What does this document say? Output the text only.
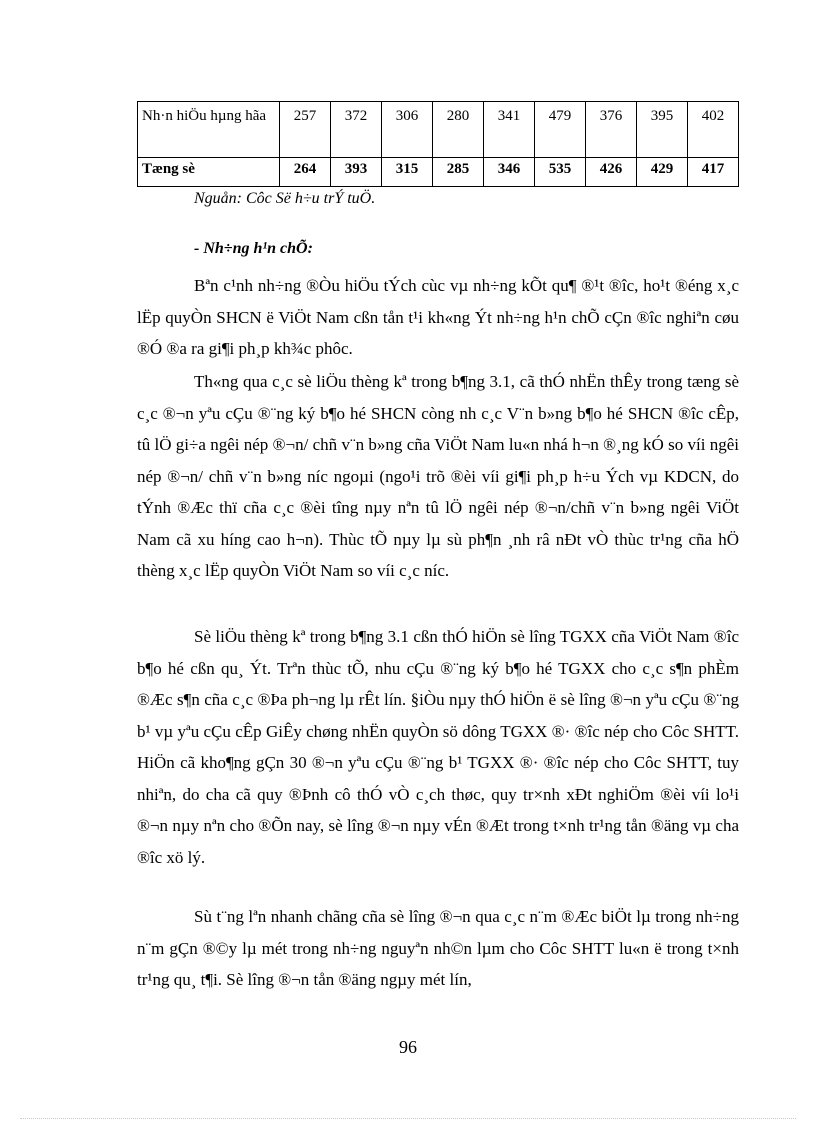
Nh·n hiÖu hµng hãa	257	372	306	280	341	479	376	395	402
Tæng sè	264	393	315	285	346	535	426	429	417
Nguån: Côc Së h÷u trÝ tuÖ.
- Nh÷ng h¹n chÕ:

Bªn c¹nh nh÷ng ®Òu hiÖu tÝch cùc vµ nh÷ng kÕt qu¶ ®¹t ®îc, ho¹t ®éng x¸c lËp quyÒn SHCN ë ViÖt Nam cßn tån t¹i kh«ng Ýt nh÷ng h¹n chÕ cÇn ®îc nghiªn cøu ®Ó ®a ra gi¶i ph¸p kh¾c phôc.

Th«ng qua c¸c sè liÖu thèng kª trong b¶ng 3.1, cã thÓ nhËn thÊy trong tæng sè c¸c ®¬n yªu cÇu ®¨ng ký b¶o hé SHCN còng nh c¸c V¨n b»ng b¶o hé SHCN ®îc cÊp, tû lÖ gi÷a ngêi nép ®¬n/ chñ v¨n b»ng cña ViÖt Nam lu«n nhá h¬n ®¸ng kÓ so víi ngêi nép ®¬n/ chñ v¨n b»ng níc ngoµi (ngo¹i trõ ®èi víi gi¶i ph¸p h÷u Ých vµ KDCN, do tÝnh ®Æc thï cña c¸c ®èi tîng nµy nªn tû lÖ ngêi nép ®¬n/chñ v¨n b»ng ngêi ViÖt Nam cã xu híng cao h¬n). Thùc tÕ nµy lµ sù ph¶n ¸nh râ nÐt vÒ thùc tr¹ng cña hÖ thèng x¸c lËp quyÒn ViÖt Nam so víi c¸c níc.

Sè liÖu thèng kª trong b¶ng 3.1 cßn thÓ hiÖn sè lîng TGXX cña ViÖt Nam ®îc b¶o hé cßn qu¸ Ýt. Trªn thùc tÕ, nhu cÇu ®¨ng ký b¶o hé TGXX cho c¸c s¶n phÈm ®Æc s¶n cña c¸c ®Þa ph¬ng lµ rÊt lín. §iÒu nµy thÓ hiÖn ë sè lîng ®¬n yªu cÇu ®¨ng b¹ vµ yªu cÇu cÊp GiÊy chøng nhËn quyÒn sö dông TGXX ®· ®îc nép cho Côc SHTT. HiÖn cã kho¶ng gÇn 30 ®¬n yªu cÇu ®¨ng b¹ TGXX ®· ®îc nép cho Côc SHTT, tuy nhiªn, do cha cã quy ®Þnh cô thÓ vÒ c¸ch thøc, quy tr×nh xÐt nghiÖm ®èi víi lo¹i ®¬n nµy nªn cho ®Õn nay, sè lîng ®¬n nµy vÉn ®Æt trong t×nh tr¹ng tån ®äng vµ cha ®îc xö lý.

Sù t¨ng lªn nhanh chãng cña sè lîng ®¬n qua c¸c n¨m ®Æc biÖt lµ trong nh÷ng n¨m gÇn ®©y lµ mét trong nh÷ng nguyªn nh©n lµm cho Côc SHTT lu«n ë trong t×nh tr¹ng qu¸ t¶i. Sè lîng ®¬n tån ®äng ngµy mét lín,

96
